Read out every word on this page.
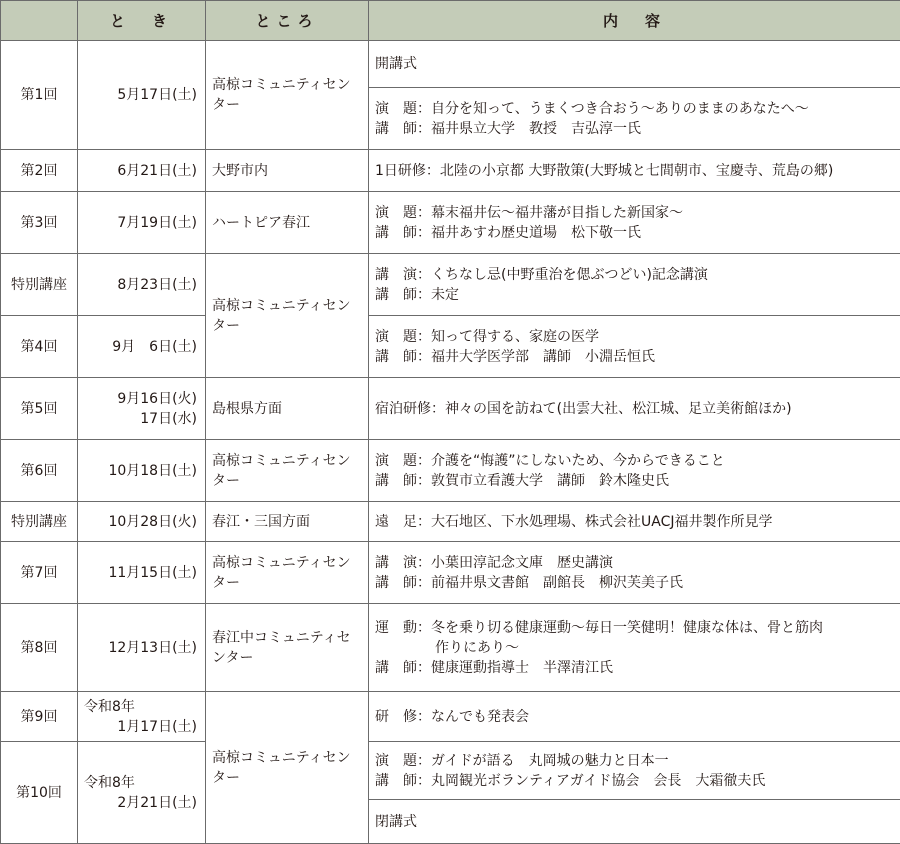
	と　き	ところ	内　容
第1回	5月17日(土)	高椋コミュニティセンター	開講式

			演　題：自分を知って、うまくつき合おう～ありのままのあなたへ～
講　師：福井県立大学　教授　吉弘淳一氏

第2回	6月21日(土)	大野市内	1日研修：北陸の小京都 大野散策(大野城と七間朝市、宝慶寺、荒島の郷)

第3回	7月19日(土)	ハートピア春江	演　題：幕末福井伝～福井藩が目指した新国家～
講　師：福井あすわ歴史道場　松下敬一氏

特別講座	8月23日(土)	高椋コミュニティセンター	講　演：くちなし忌(中野重治を偲ぶつどい)記念講演
講　師：未定

第4回	9月　6日(土)		演　題：知って得する、家庭の医学
講　師：福井大学医学部　講師　小淵岳恒氏

第5回	9月16日(火)
17日(水)	島根県方面	宿泊研修：神々の国を訪ねて(出雲大社、松江城、足立美術館ほか)

第6回	10月18日(土)	高椋コミュニティセンター	演　題：介護を“悔護”にしないため、今からできること
講　師：敦賀市立看護大学　講師　鈴木隆史氏

特別講座	10月28日(火)	春江・三国方面	遠　足：大石地区、下水処理場、株式会社UACJ福井製作所見学

第7回	11月15日(土)	高椋コミュニティセンター	講　演：小葉田淳記念文庫　歴史講演
講　師：前福井県文書館　副館長　柳沢芙美子氏

第8回	12月13日(土)	春江中コミュニティセンター	運　動：冬を乗り切る健康運動～毎日一笑健明！健康な体は、骨と筋肉
作りにあり～
講　師：健康運動指導士　半澤清江氏

第9回	令和8年
1月17日(土)	高椋コミュニティセンター	研　修：なんでも発表会

第10回	令和8年
2月21日(土)		演　題：ガイドが語る　丸岡城の魅力と日本一
講　師：丸岡観光ボランティアガイド協会　会長　大霜徹夫氏

			閉講式
